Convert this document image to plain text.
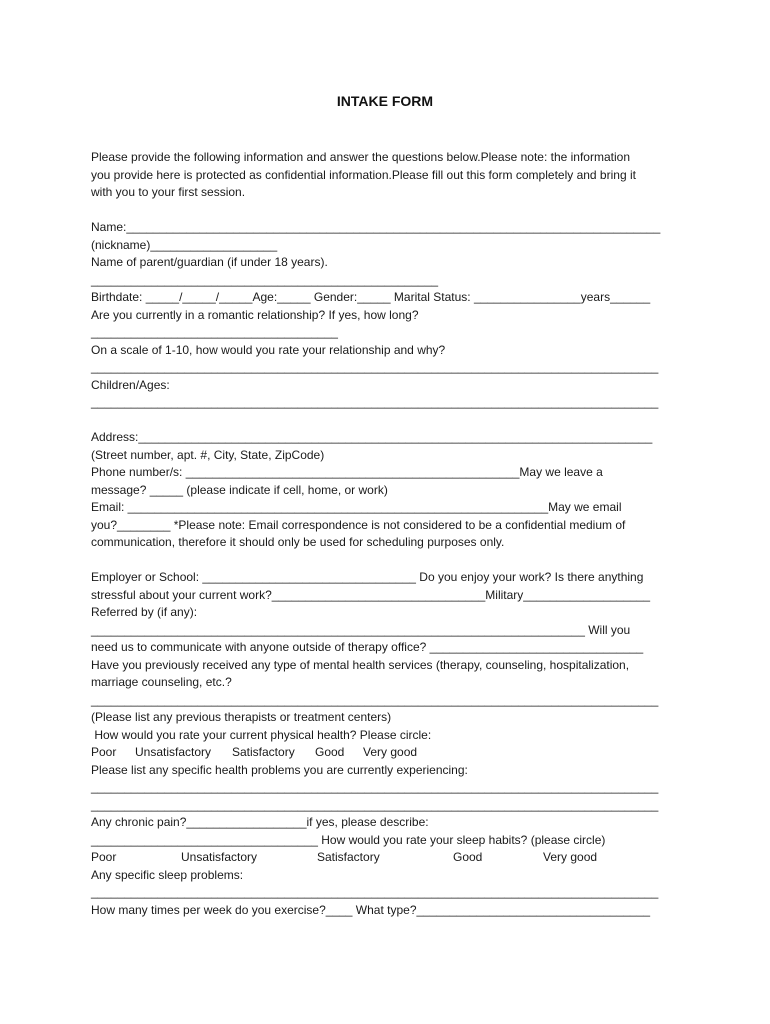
INTAKE FORM
Please provide the following information and answer the questions below.Please note: the information
you provide here is protected as confidential information.Please fill out this form completely and bring it
with you to your first session.
Name:________________________________________________________________________________
(nickname)___________________
Name of parent/guardian (if under 18 years).
____________________________________________________
Birthdate: _____/_____/_____Age:_____ Gender:_____ Marital Status: ________________years______
Are you currently in a romantic relationship? If yes, how long?
_____________________________________
On a scale of 1-10, how would you rate your relationship and why?
_____________________________________________________________________________________
Children/Ages:
_____________________________________________________________________________________
Address:_____________________________________________________________________________
(Street number, apt. #, City, State, ZipCode)
Phone number/s: __________________________________________________May we leave a
message? _____ (please indicate if cell, home, or work)
Email: _______________________________________________________________May we email
you?________ *Please note: Email correspondence is not considered to be a confidential medium of
communication, therefore it should only be used for scheduling purposes only.
Employer or School: ________________________________ Do you enjoy your work? Is there anything
stressful about your current work?________________________________Military___________________
Referred by (if any):
__________________________________________________________________________ Will you
need us to communicate with anyone outside of therapy office? ________________________________
Have you previously received any type of mental health services (therapy, counseling, hospitalization,
marriage counseling, etc.?
_____________________________________________________________________________________
(Please list any previous therapists or treatment centers)
How would you rate your current physical health? Please circle:
Poor	Unsatisfactory	Satisfactory	Good	Very good
Please list any specific health problems you are currently experiencing:
_____________________________________________________________________________________
_____________________________________________________________________________________
Any chronic pain?__________________if yes, please describe:
__________________________________ How would you rate your sleep habits? (please circle)
Poor	Unsatisfactory	Satisfactory	Good	Very good
Any specific sleep problems:
_____________________________________________________________________________________
How many times per week do you exercise?____ What type?___________________________________
